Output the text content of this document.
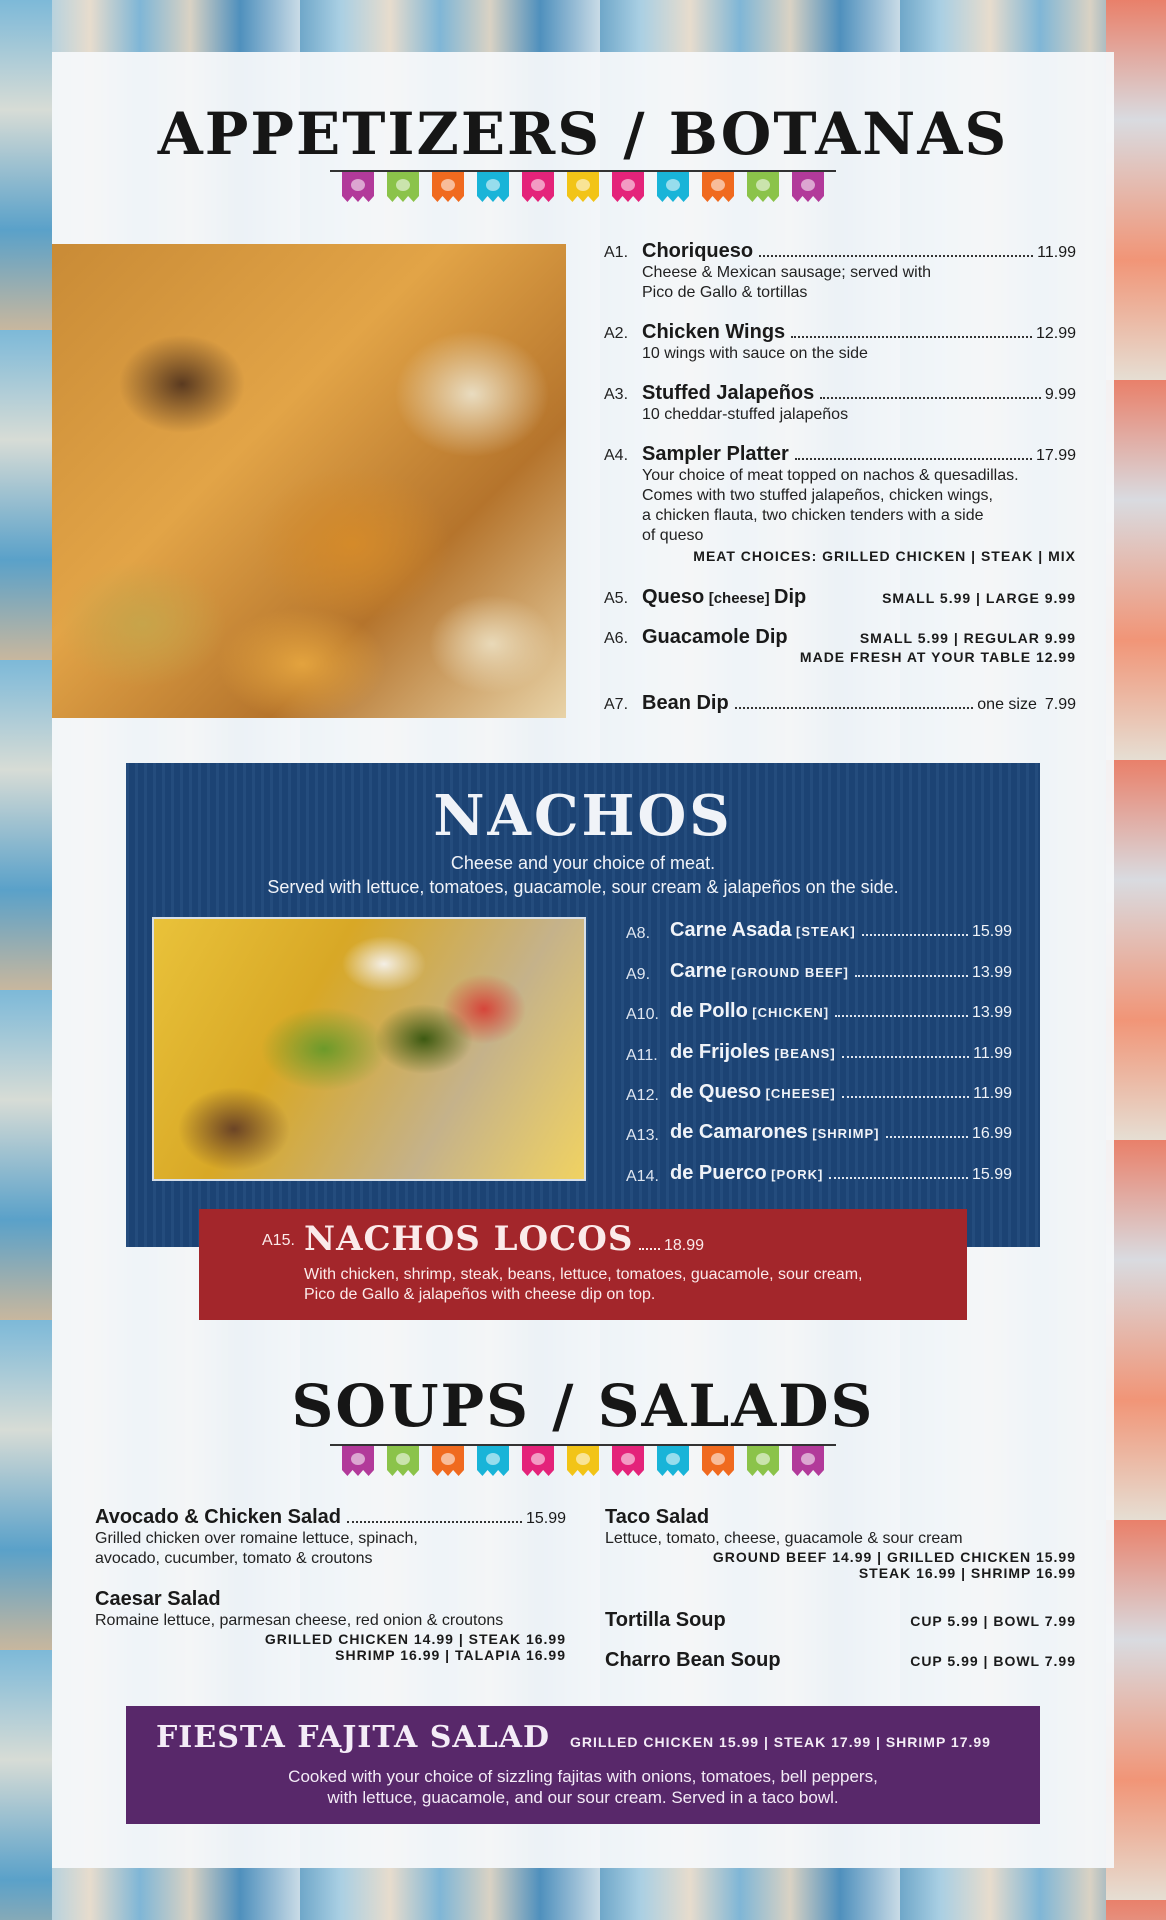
APPETIZERS / BOTANAS
A1. Choriqueso	11.99
Cheese & Mexican sausage; served with
Pico de Gallo & tortillas
A2. Chicken Wings	12.99
10 wings with sauce on the side
A3. Stuffed Jalapeños	9.99
10 cheddar-stuffed jalapeños
A4. Sampler Platter	17.99
Your choice of meat topped on nachos & quesadillas.
Comes with two stuffed jalapeños, chicken wings,
a chicken flauta, two chicken tenders with a side
of queso
MEAT CHOICES: GRILLED CHICKEN | STEAK | MIX
A5. Queso [cheese] Dip	SMALL 5.99 | LARGE 9.99
A6. Guacamole Dip	SMALL 5.99 | REGULAR 9.99
MADE FRESH AT YOUR TABLE 12.99
A7. Bean Dip	one size 7.99
NACHOS
Cheese and your choice of meat.
Served with lettuce, tomatoes, guacamole, sour cream & jalapeños on the side.
A8. Carne Asada
[STEAK]	15.99
A9. Carne
[GROUND BEEF]	13.99
A10. de Pollo
[CHICKEN]	13.99
A11. de Frijoles
[BEANS]	11.99
A12. de Queso
[CHEESE]	11.99
A13. de Camarones
[SHRIMP]	16.99
A14. de Puerco
[PORK]	15.99
A15. NACHOS LOCOS 18.99
With chicken, shrimp, steak, beans, lettuce, tomatoes, guacamole, sour cream,
Pico de Gallo & jalapeños with cheese dip on top.
SOUPS / SALADS
Avocado & Chicken Salad	15.99
Grilled chicken over romaine lettuce, spinach,
avocado, cucumber, tomato & croutons
Caesar Salad
Romaine lettuce, parmesan cheese, red onion & croutons
GRILLED CHICKEN 14.99 | STEAK 16.99
SHRIMP 16.99 | TALAPIA 16.99
Taco Salad
Lettuce, tomato, cheese, guacamole & sour cream
GROUND BEEF 14.99 | GRILLED CHICKEN 15.99
STEAK 16.99 | SHRIMP 16.99
Tortilla Soup	CUP 5.99 | BOWL 7.99
Charro Bean Soup	CUP 5.99 | BOWL 7.99
FIESTA FAJITA SALAD GRILLED CHICKEN 15.99 | STEAK 17.99 | SHRIMP 17.99
Cooked with your choice of sizzling fajitas with onions, tomatoes, bell peppers,
with lettuce, guacamole, and our sour cream. Served in a taco bowl.
